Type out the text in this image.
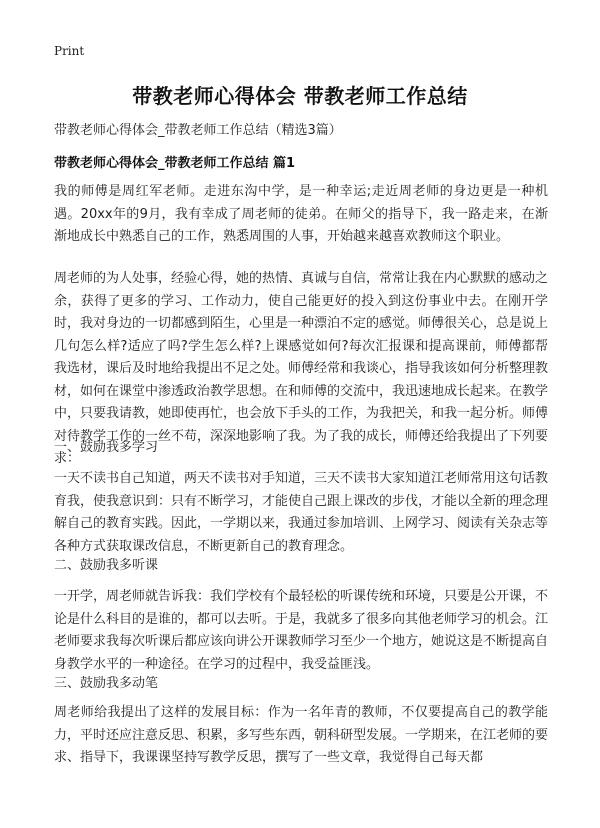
Print
带教老师心得体会 带教老师工作总结
带教老师心得体会_带教老师工作总结（精选3篇）
带教老师心得体会_带教老师工作总结 篇1

我的师傅是周红军老师。走进东沟中学，是一种幸运;走近周老师的身边更是一种机遇。20xx年的9月，我有幸成了周老师的徒弟。在师父的指导下，我一路走来，在渐渐地成长中熟悉自己的工作，熟悉周围的人事，开始越来越喜欢教师这个职业。

周老师的为人处事，经验心得，她的热情、真诚与自信，常常让我在内心默默的感动之余，获得了更多的学习、工作动力，使自己能更好的投入到这份事业中去。在刚开学时，我对身边的一切都感到陌生，心里是一种漂泊不定的感觉。师傅很关心，总是说上几句怎么样?适应了吗?学生怎么样?上课感觉如何?每次汇报课和提高课前，师傅都帮我选材，课后及时地给我提出不足之处。师傅经常和我谈心，指导我该如何分析整理教材，如何在课堂中渗透政治教学思想。在和师傅的交流中，我迅速地成长起来。在教学中，只要我请教，她即使再忙，也会放下手头的工作，为我把关，和我一起分析。师傅对待教学工作的一丝不苟，深深地影响了我。为了我的成长，师傅还给我提出了下列要求：

一、鼓励我多学习

一天不读书自己知道，两天不读书对手知道，三天不读书大家知道江老师常用这句话教育我，使我意识到：只有不断学习，才能使自己跟上课改的步伐，才能以全新的理念理解自己的教育实践。因此，一学期以来，我通过参加培训、上网学习、阅读有关杂志等各种方式获取课改信息，不断更新自己的教育理念。

二、鼓励我多听课

一开学，周老师就告诉我：我们学校有个最轻松的听课传统和环境，只要是公开课，不论是什么科目的是谁的，都可以去听。于是，我就多了很多向其他老师学习的机会。江老师要求我每次听课后都应该向讲公开课教师学习至少一个地方，她说这是不断提高自身教学水平的一种途径。在学习的过程中，我受益匪浅。

三、鼓励我多动笔

周老师给我提出了这样的发展目标：作为一名年青的教师，不仅要提高自己的教学能力，平时还应注意反思、积累，多写些东西，朝科研型发展。一学期来，在江老师的要求、指导下，我课课坚持写教学反思，撰写了一些文章，我觉得自己每天都
